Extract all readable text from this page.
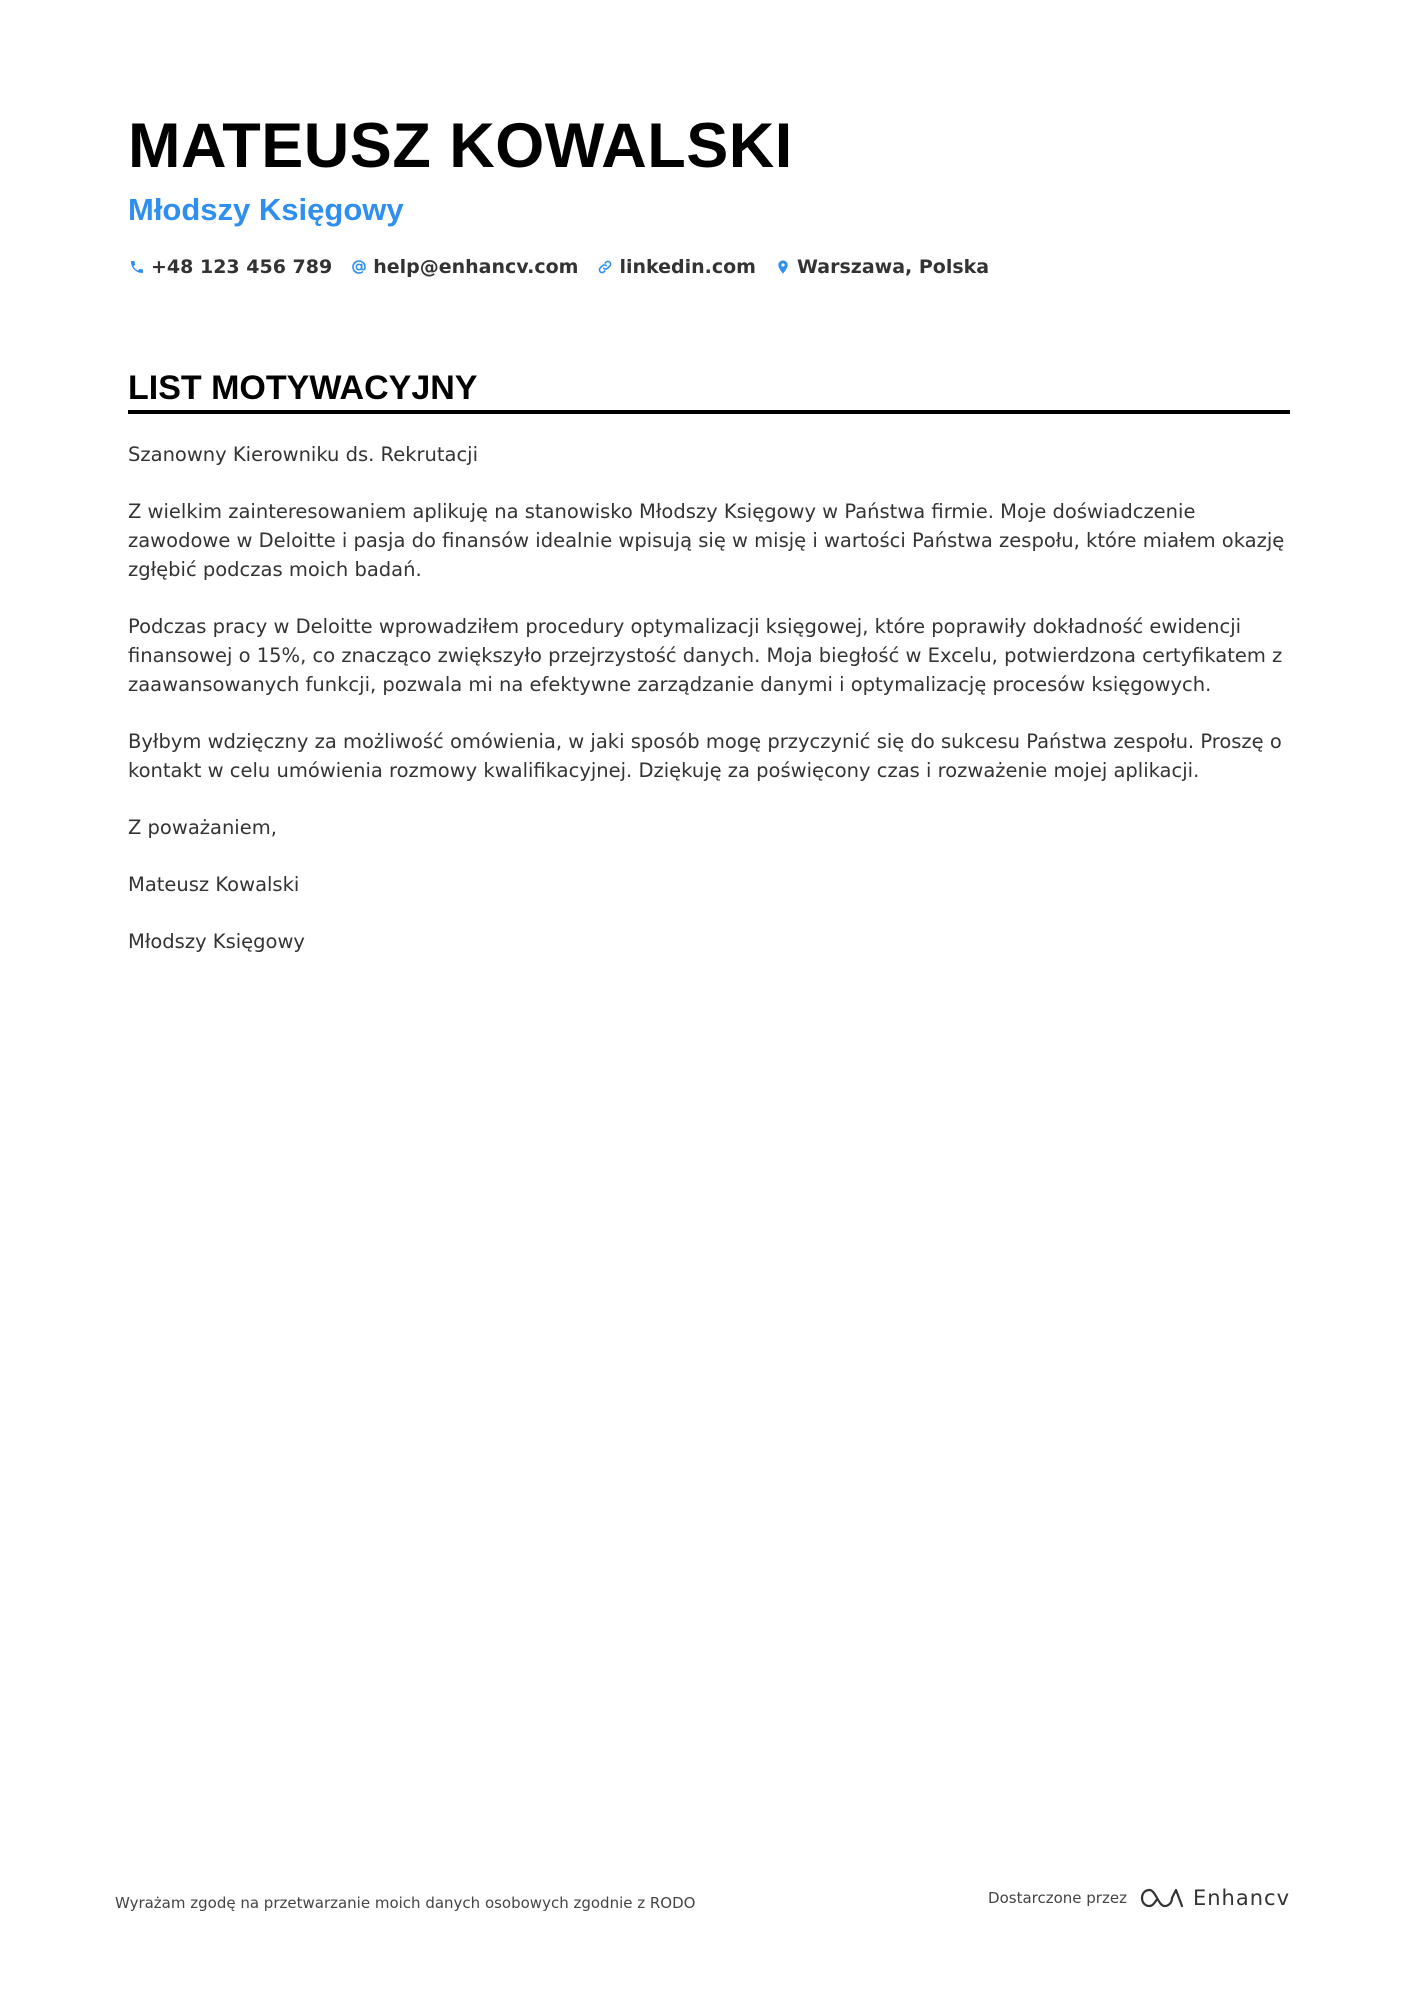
MATEUSZ KOWALSKI
Młodszy Księgowy
+48 123 456 789 help@enhancv.com linkedin.com Warszawa, Polska
LIST MOTYWACYJNY

Szanowny Kierowniku ds. Rekrutacji

Z wielkim zainteresowaniem aplikuję na stanowisko Młodszy Księgowy w Państwa firmie. Moje doświadczenie zawodowe w Deloitte i pasja do finansów idealnie wpisują się w misję i wartości Państwa zespołu, które miałem okazję zgłębić podczas moich badań.

Podczas pracy w Deloitte wprowadziłem procedury optymalizacji księgowej, które poprawiły dokładność ewidencji finansowej o 15%, co znacząco zwiększyło przejrzystość danych. Moja biegłość w Excelu, potwierdzona certyfikatem z zaawansowanych funkcji, pozwala mi na efektywne zarządzanie danymi i optymalizację procesów księgowych.

Byłbym wdzięczny za możliwość omówienia, w jaki sposób mogę przyczynić się do sukcesu Państwa zespołu. Proszę o kontakt w celu umówienia rozmowy kwalifikacyjnej. Dziękuję za poświęcony czas i rozważenie mojej aplikacji.

Z poważaniem,

Mateusz Kowalski

Młodszy Księgowy

Wyrażam zgodę na przetwarzanie moich danych osobowych zgodnie z RODO	Dostarczone przez	Enhancv
